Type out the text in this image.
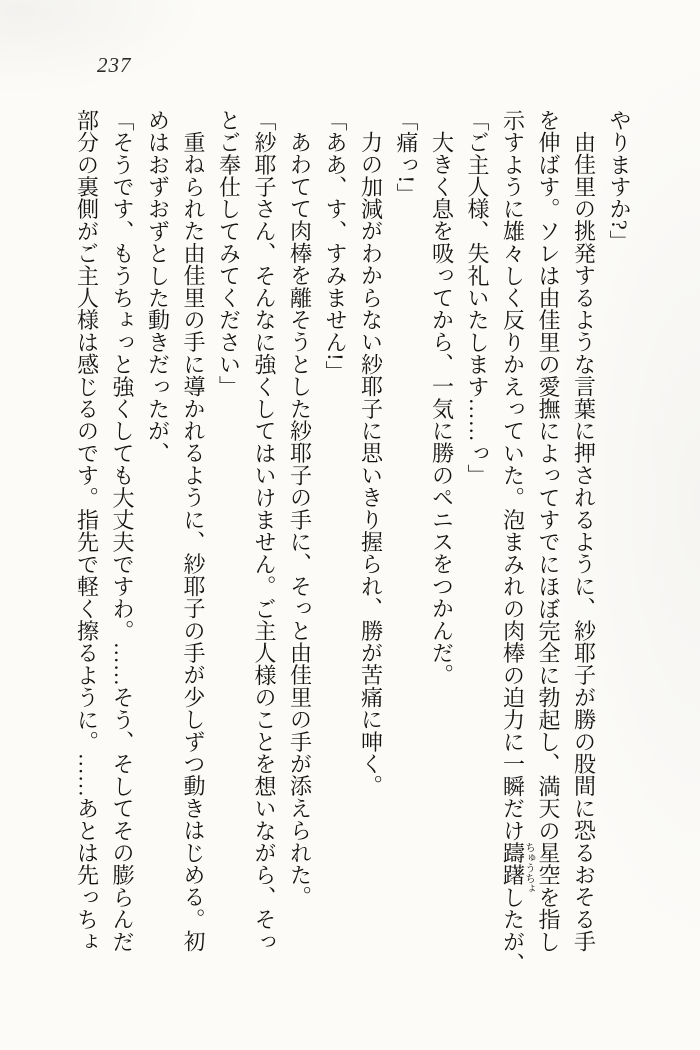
237
やりますか?」
由佳里の挑発するような言葉に押されるように、紗耶子が勝の股間に恐るおそる手
を伸ばす。ソレは由佳里の愛撫によってすでにほぼ完全に勃起し、満天の星空を指し
示すように雄々しく反りかえっていた。泡まみれの肉棒の迫力に一瞬だけ躊躇したが、
「ご主人様、失礼いたします……っ」
大きく息を吸ってから、一気に勝のペニスをつかんだ。
「痛っ!」
力の加減がわからない紗耶子に思いきり握られ、勝が苦痛に呻く。
「ああ、す、すみません!」
あわてて肉棒を離そうとした紗耶子の手に、そっと由佳里の手が添えられた。
「紗耶子さん、そんなに強くしてはいけません。ご主人様のことを想いながら、そっ
とご奉仕してみてください」
重ねられた由佳里の手に導かれるように、紗耶子の手が少しずつ動きはじめる。初
めはおずおずとした動きだったが、
「そうです、もうちょっと強くしても大丈夫ですわ。……そう、そしてその膨らんだ
部分の裏側がご主人様は感じるのです。指先で軽く擦るように。……あとは先っちょ	ちゅうちょ
